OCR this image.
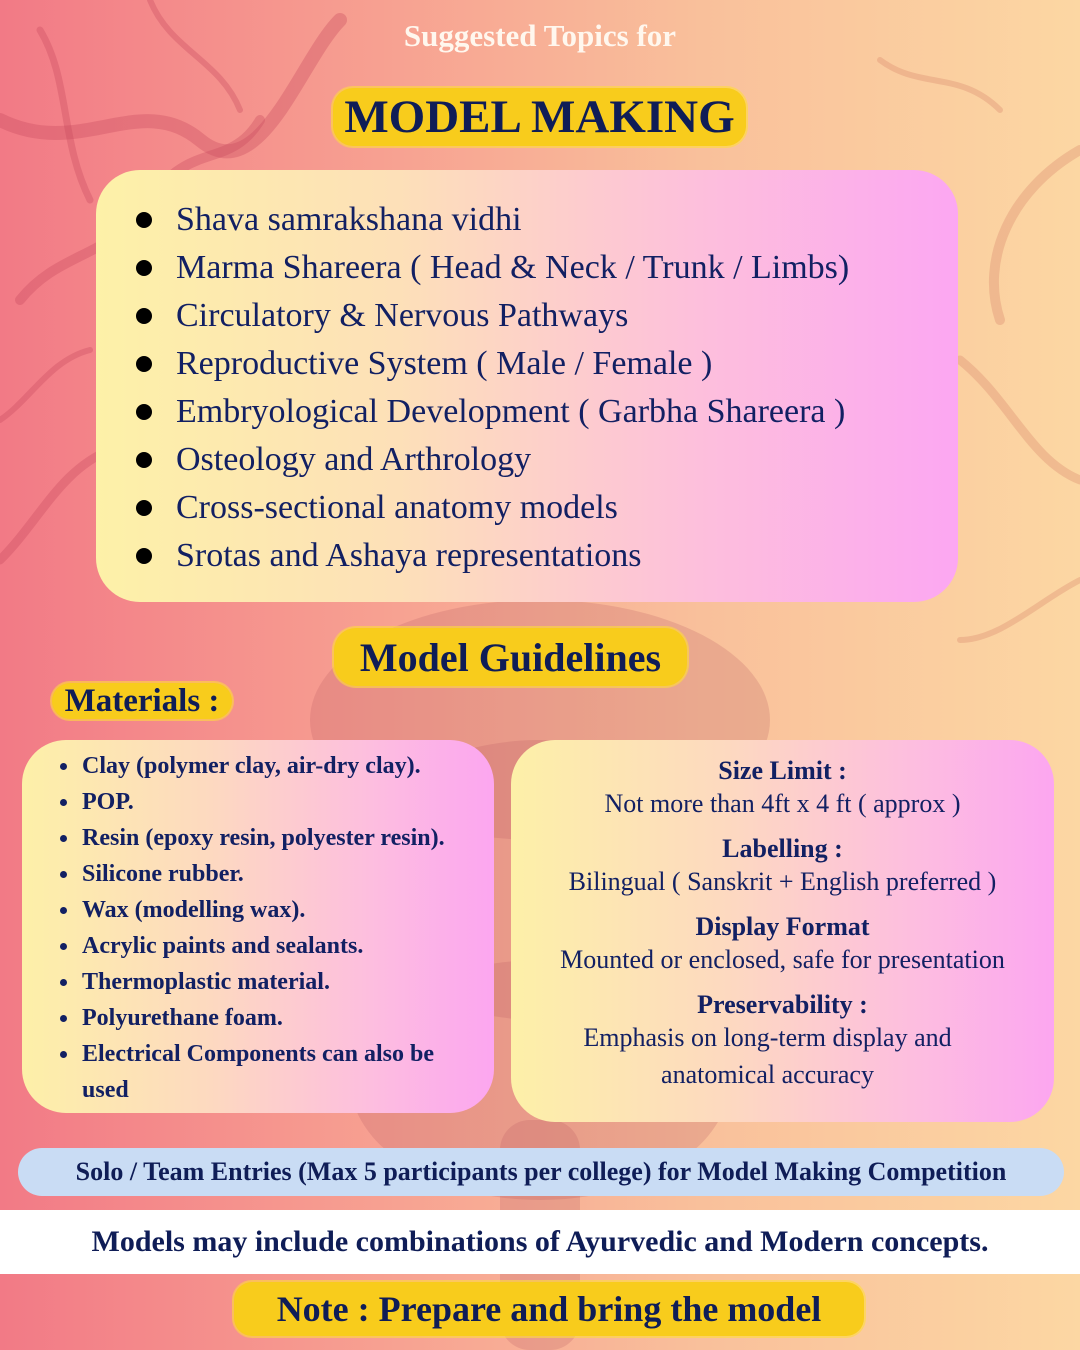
Suggested Topics for
MODEL MAKING
Shava samrakshana vidhi
Marma Shareera ( Head & Neck / Trunk / Limbs)
Circulatory & Nervous Pathways
Reproductive System ( Male / Female )
Embryological Development ( Garbha Shareera )
Osteology and Arthrology
Cross-sectional anatomy models
Srotas and Ashaya representations
Model Guidelines
Materials :
Clay (polymer clay, air-dry clay).
POP.
Resin (epoxy resin, polyester resin).
Silicone rubber.
Wax (modelling wax).
Acrylic paints and sealants.
Thermoplastic material.
Polyurethane foam.
Electrical Components can also be used
Size Limit :
Not more than 4ft x 4 ft ( approx )
Labelling :
Bilingual ( Sanskrit + English preferred )
Display Format
Mounted or enclosed, safe for presentation
Preservability :
Emphasis on long-term display and
anatomical accuracy
Solo / Team Entries (Max 5 participants per college) for Model Making Competition
Models may include combinations of Ayurvedic and Modern concepts.
Note : Prepare and bring the model
